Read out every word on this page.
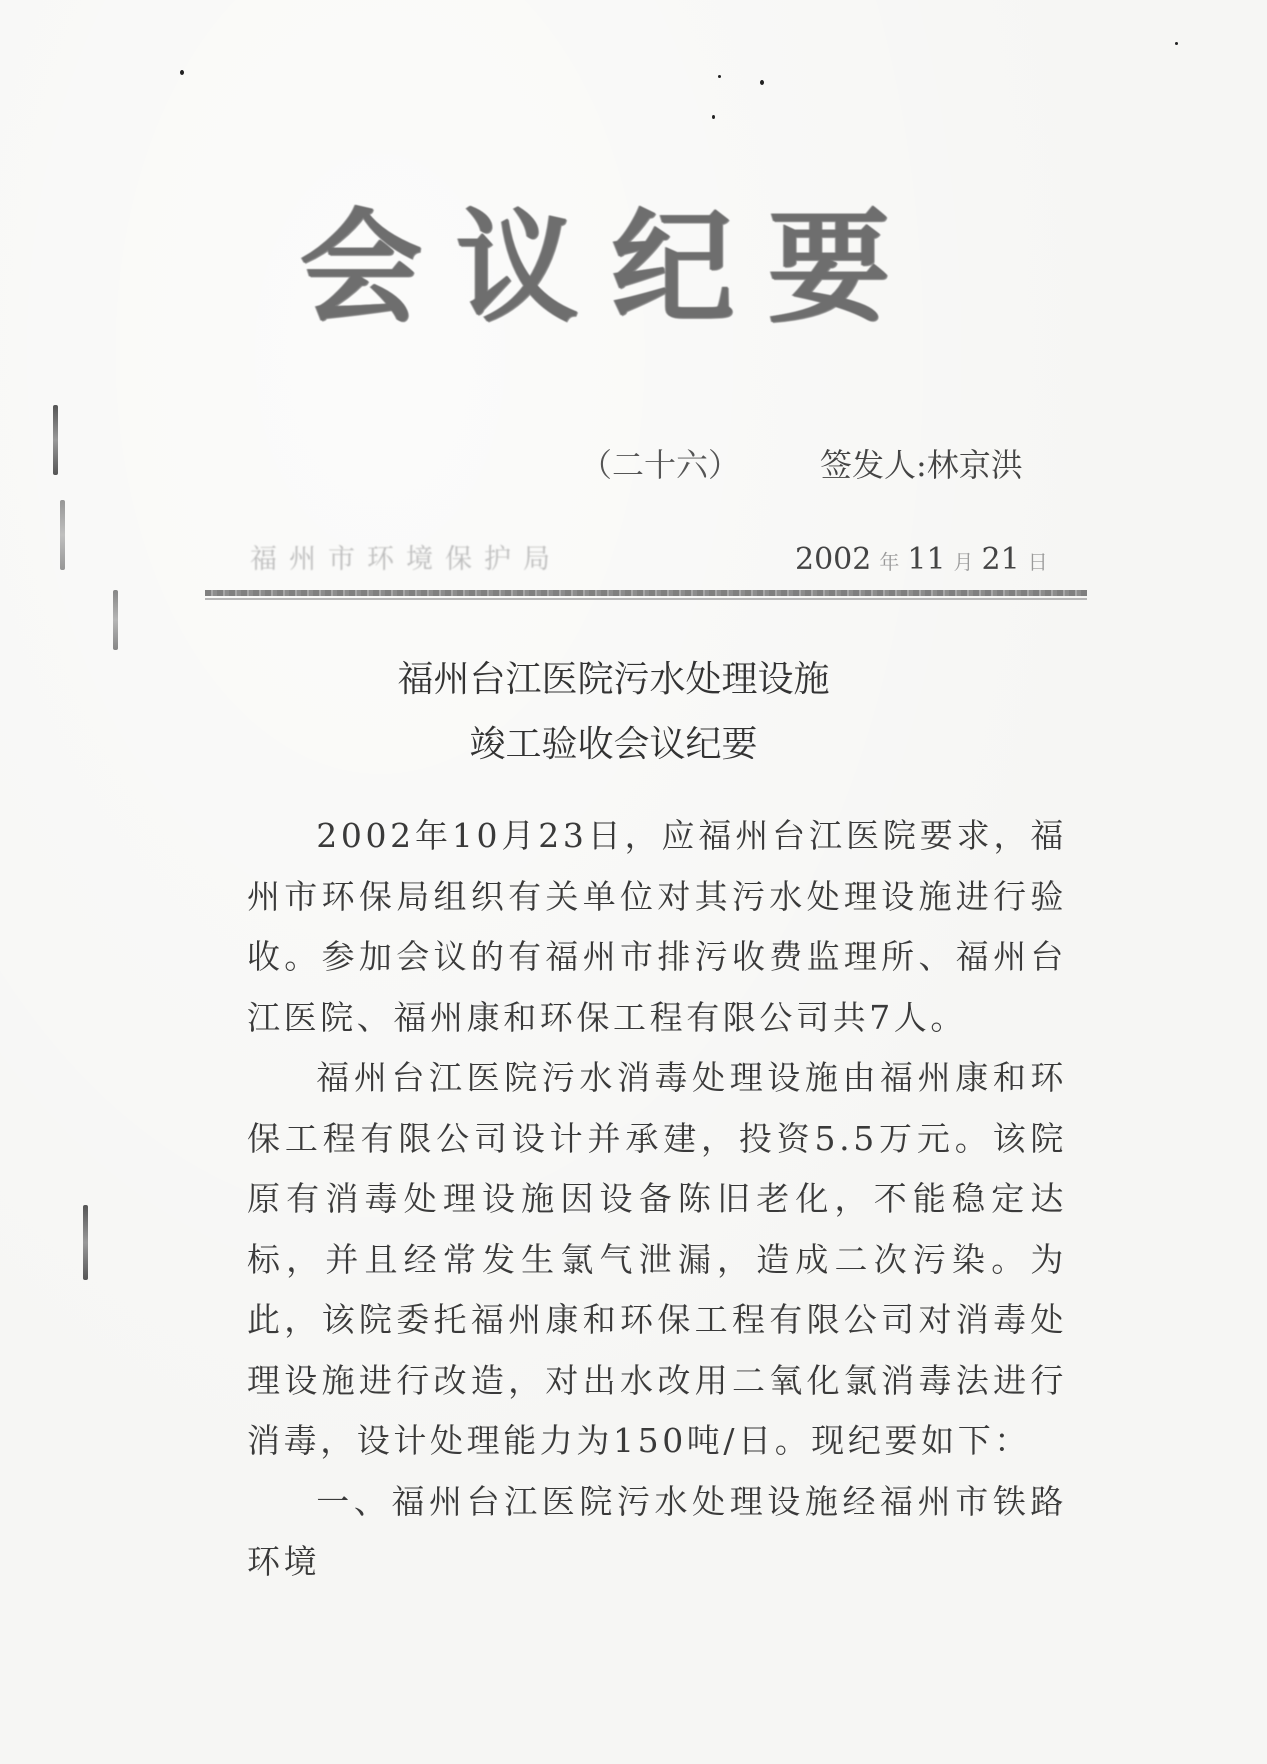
会议纪要
（二十六） 签发人:林京洪
福州市环境保护局	2002 年 11 月 21 日
福州台江医院污水处理设施
竣工验收会议纪要

2002年10月23日，应福州台江医院要求，福州市环保局组织有关单位对其污水处理设施进行验收。参加会议的有福州市排污收费监理所、福州台江医院、福州康和环保工程有限公司共7人。

福州台江医院污水消毒处理设施由福州康和环保工程有限公司设计并承建，投资5.5万元。该院原有消毒处理设施因设备陈旧老化，不能稳定达标，并且经常发生氯气泄漏，造成二次污染。为此，该院委托福州康和环保工程有限公司对消毒处理设施进行改造，对出水改用二氧化氯消毒法进行消毒，设计处理能力为150吨/日。现纪要如下：

一、福州台江医院污水处理设施经福州市铁路环境
